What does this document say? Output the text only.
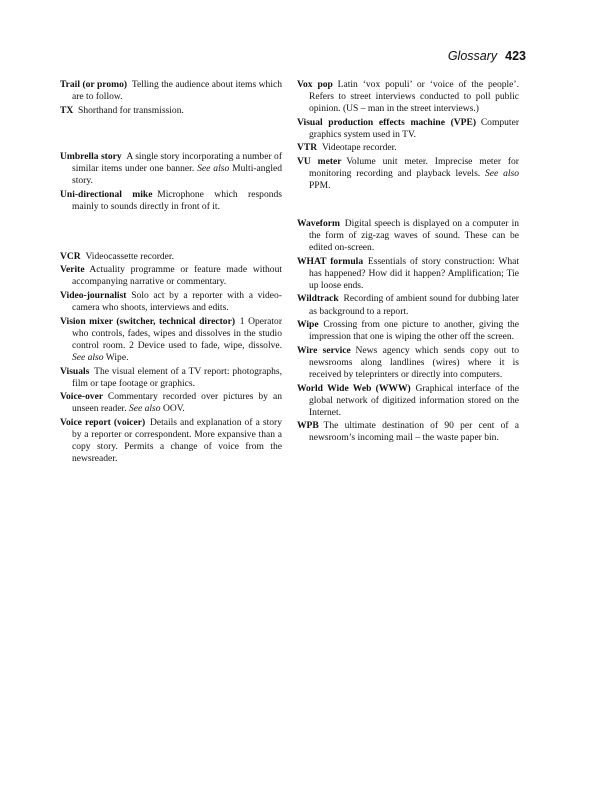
Glossary 423

Trail (or promo)  Telling the audience about items which are to follow.

TX  Shorthand for transmission.

Umbrella story  A single story incorporating a number of similar items under one banner. See also Multi-angled story.

Uni-directional mike  Microphone which responds mainly to sounds directly in front of it.

VCR  Videocassette recorder.

Verite  Actuality programme or feature made without accompanying narrative or commentary.

Video-journalist  Solo act by a reporter with a video-camera who shoots, interviews and edits.

Vision mixer (switcher, technical director)  1 Operator who controls, fades, wipes and dissolves in the studio control room. 2 Device used to fade, wipe, dissolve. See also Wipe.

Visuals  The visual element of a TV report: photographs, film or tape footage or graphics.

Voice-over  Commentary recorded over pictures by an unseen reader. See also OOV.

Voice report (voicer)  Details and explanation of a story by a reporter or correspondent. More expansive than a copy story. Permits a change of voice from the newsreader.

Vox pop  Latin ‘vox populi’ or ‘voice of the people’. Refers to street interviews conducted to poll public opinion. (US – man in the street interviews.)

Visual production effects machine (VPE)  Computer graphics system used in TV.

VTR  Videotape recorder.

VU meter  Volume unit meter. Imprecise meter for monitoring recording and playback levels. See also PPM.

Waveform  Digital speech is displayed on a computer in the form of zig-zag waves of sound. These can be edited on-screen.

WHAT formula  Essentials of story construction: What has happened? How did it happen? Amplification; Tie up loose ends.

Wildtrack  Recording of ambient sound for dubbing later as background to a report.

Wipe  Crossing from one picture to another, giving the impression that one is wiping the other off the screen.

Wire service  News agency which sends copy out to newsrooms along landlines (wires) where it is received by teleprinters or directly into computers.

World Wide Web (WWW)  Graphical interface of the global network of digitized information stored on the Internet.

WPB  The ultimate destination of 90 per cent of a newsroom’s incoming mail – the waste paper bin.
